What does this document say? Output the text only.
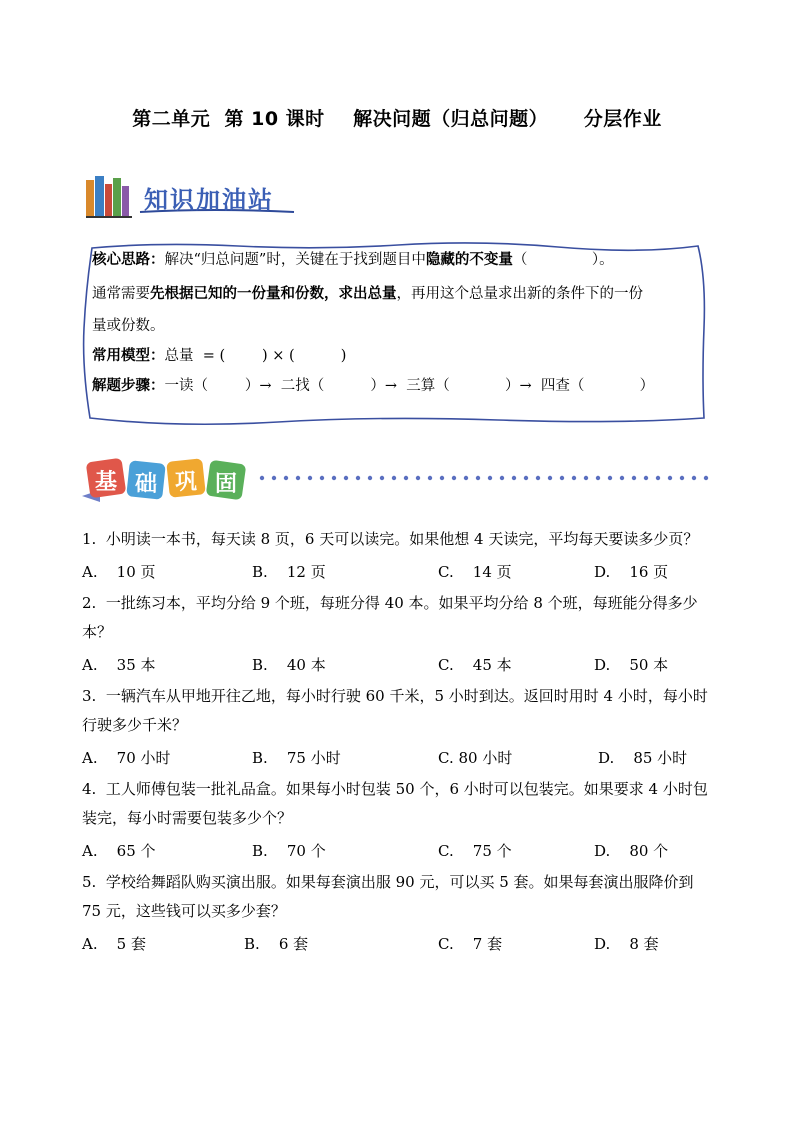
第二单元  第 10 课时    解决问题（归总问题）     分层作业
知识加油站
核心思路：解决“归总问题”时，关键在于找到题目中隐藏的不变量（              ）。
通常需要先根据已知的一份量和份数，求出总量，再用这个总量求出新的条件下的一份
量或份数。
常用模型：总量  = (        ) × (          )
解题步骤：一读（        ）→  二找（          ）→  三算（            ）→  四查（            ）
基 础 巩 固
1.  小明读一本书，每天读 8 页，6 天可以读完。如果他想 4 天读完，平均每天要读多少页？
A.    10 页	B.    12 页	C.    14 页	D.    16 页
2.  一批练习本，平均分给 9 个班，每班分得 40 本。如果平均分给 8 个班，每班能分得多少
本？
A.    35 本	B.    40 本	C.    45 本	D.    50 本
3.  一辆汽车从甲地开往乙地，每小时行驶 60 千米，5 小时到达。返回时用时 4 小时，每小时
行驶多少千米？
A.    70 小时	B.    75 小时	C. 80 小时	D.    85 小时
4.  工人师傅包装一批礼品盒。如果每小时包装 50 个，6 小时可以包装完。如果要求 4 小时包
装完，每小时需要包装多少个？
A.    65 个	B.    70 个	C.    75 个	D.    80 个
5.  学校给舞蹈队购买演出服。如果每套演出服 90 元，可以买 5 套。如果每套演出服降价到
75 元，这些钱可以买多少套？
A.    5 套	B.    6 套	C.    7 套	D.    8 套
